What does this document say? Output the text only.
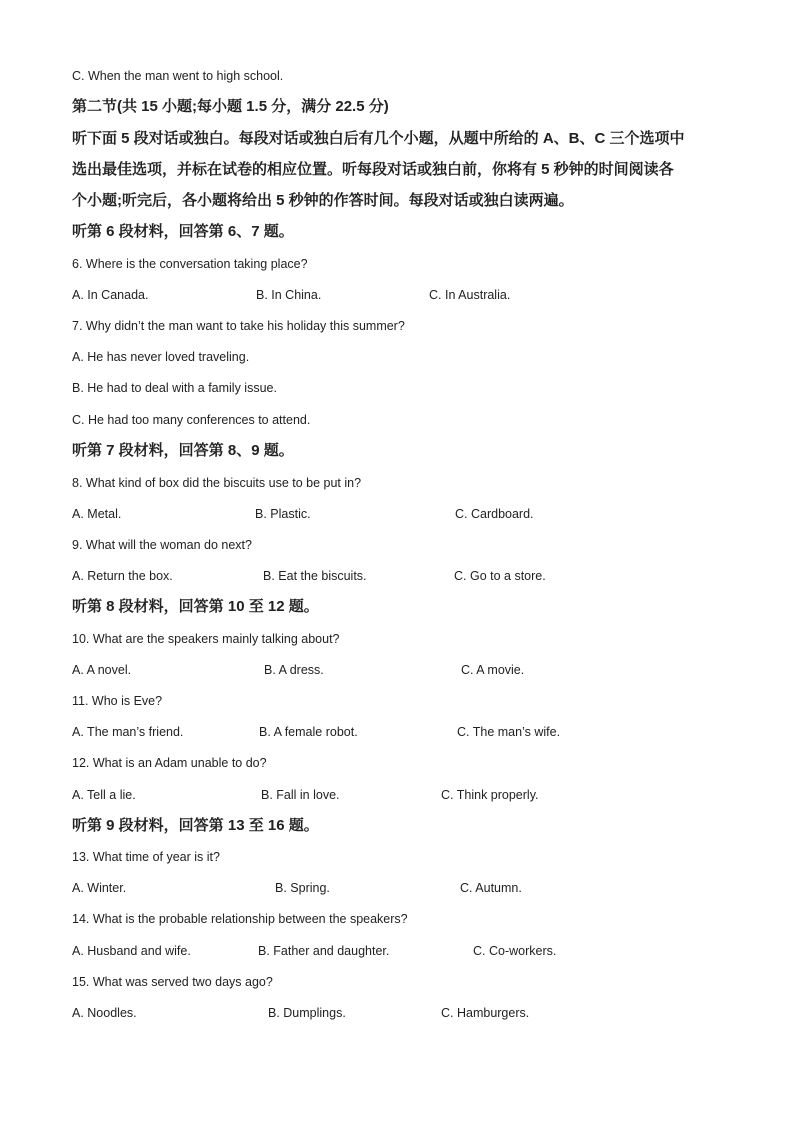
C. When the man went to high school.
第二节(共 15 小题;每小题 1.5 分，满分 22.5 分)
听下面 5 段对话或独白。每段对话或独白后有几个小题，从题中所给的 A、B、C 三个选项中
选出最佳选项，并标在试卷的相应位置。听每段对话或独白前，你将有 5 秒钟的时间阅读各
个小题;听完后，各小题将给出 5 秒钟的作答时间。每段对话或独白读两遍。
听第 6 段材料，回答第 6、7 题。
6. Where is the conversation taking place?
A. In Canada.	B. In China.	C. In Australia.
7. Why didn’t the man want to take his holiday this summer?
A. He has never loved traveling.
B. He had to deal with a family issue.
C. He had too many conferences to attend.
听第 7 段材料，回答第 8、9 题。
8. What kind of box did the biscuits use to be put in?
A. Metal.	B. Plastic.	C. Cardboard.
9. What will the woman do next?
A. Return the box.	B. Eat the biscuits.	C. Go to a store.
听第 8 段材料，回答第 10 至 12 题。
10. What are the speakers mainly talking about?
A. A novel.	B. A dress.	C. A movie.
11. Who is Eve?
A. The man’s friend.	B. A female robot.	C. The man’s wife.
12. What is an Adam unable to do?
A. Tell a lie.	B. Fall in love.	C. Think properly.
听第 9 段材料，回答第 13 至 16 题。
13. What time of year is it?
A. Winter.	B. Spring.	C. Autumn.
14. What is the probable relationship between the speakers?
A. Husband and wife.	B. Father and daughter.	C. Co-workers.
15. What was served two days ago?
A. Noodles.	B. Dumplings.	C. Hamburgers.
